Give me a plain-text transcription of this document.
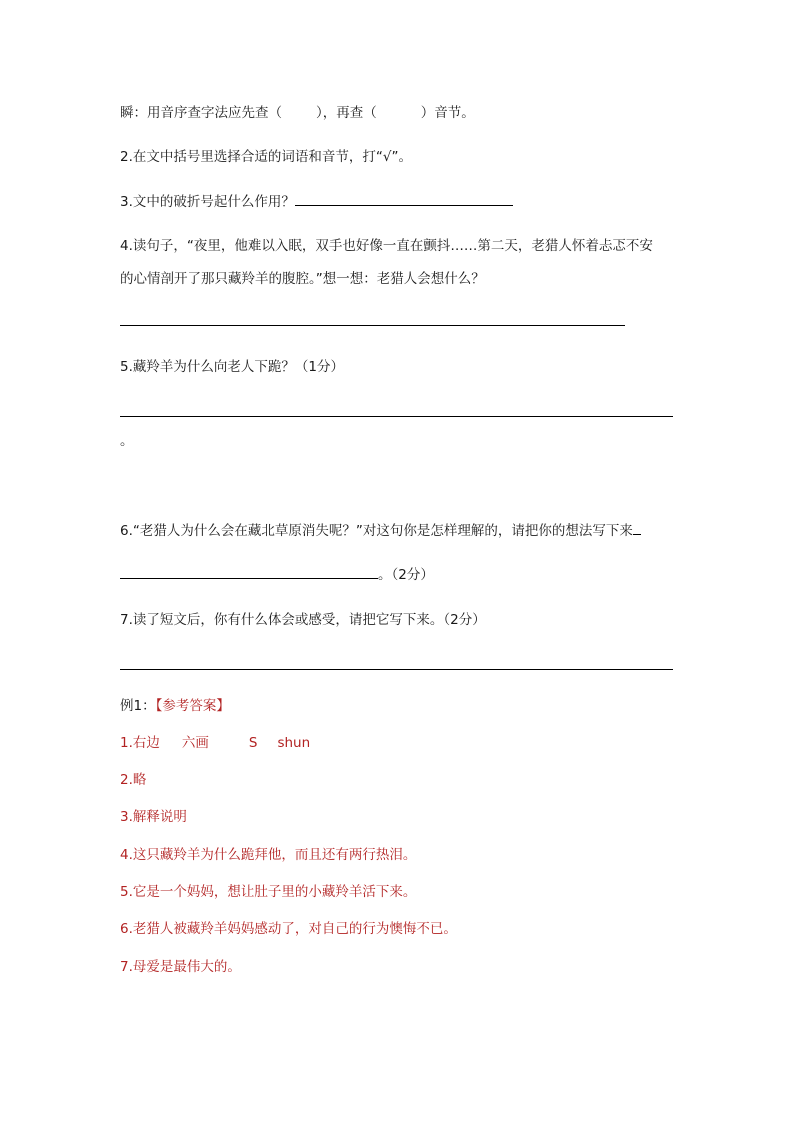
瞬：用音序查字法应先查（	），再查（	）音节。
2.在文中括号里选择合适的词语和音节，打“√”。
3.文中的破折号起什么作用？
4.读句子，“夜里，他难以入眠，双手也好像一直在颤抖……第二天，老猎人怀着忐忑不安
的心情剖开了那只藏羚羊的腹腔。”想一想：老猎人会想什么？
5.藏羚羊为什么向老人下跪？（1分）
。
6.“老猎人为什么会在藏北草原消失呢？”对这句你是怎样理解的，请把你的想法写下来
。（2分）
7.读了短文后，你有什么体会或感受，请把它写下来。（2分）
例1：【参考答案】
1.右边 六画	S shun
2.略
3.解释说明
4.这只藏羚羊为什么跪拜他，而且还有两行热泪。
5.它是一个妈妈，想让肚子里的小藏羚羊活下来。
6.老猎人被藏羚羊妈妈感动了，对自己的行为懊悔不已。
7.母爱是最伟大的。
